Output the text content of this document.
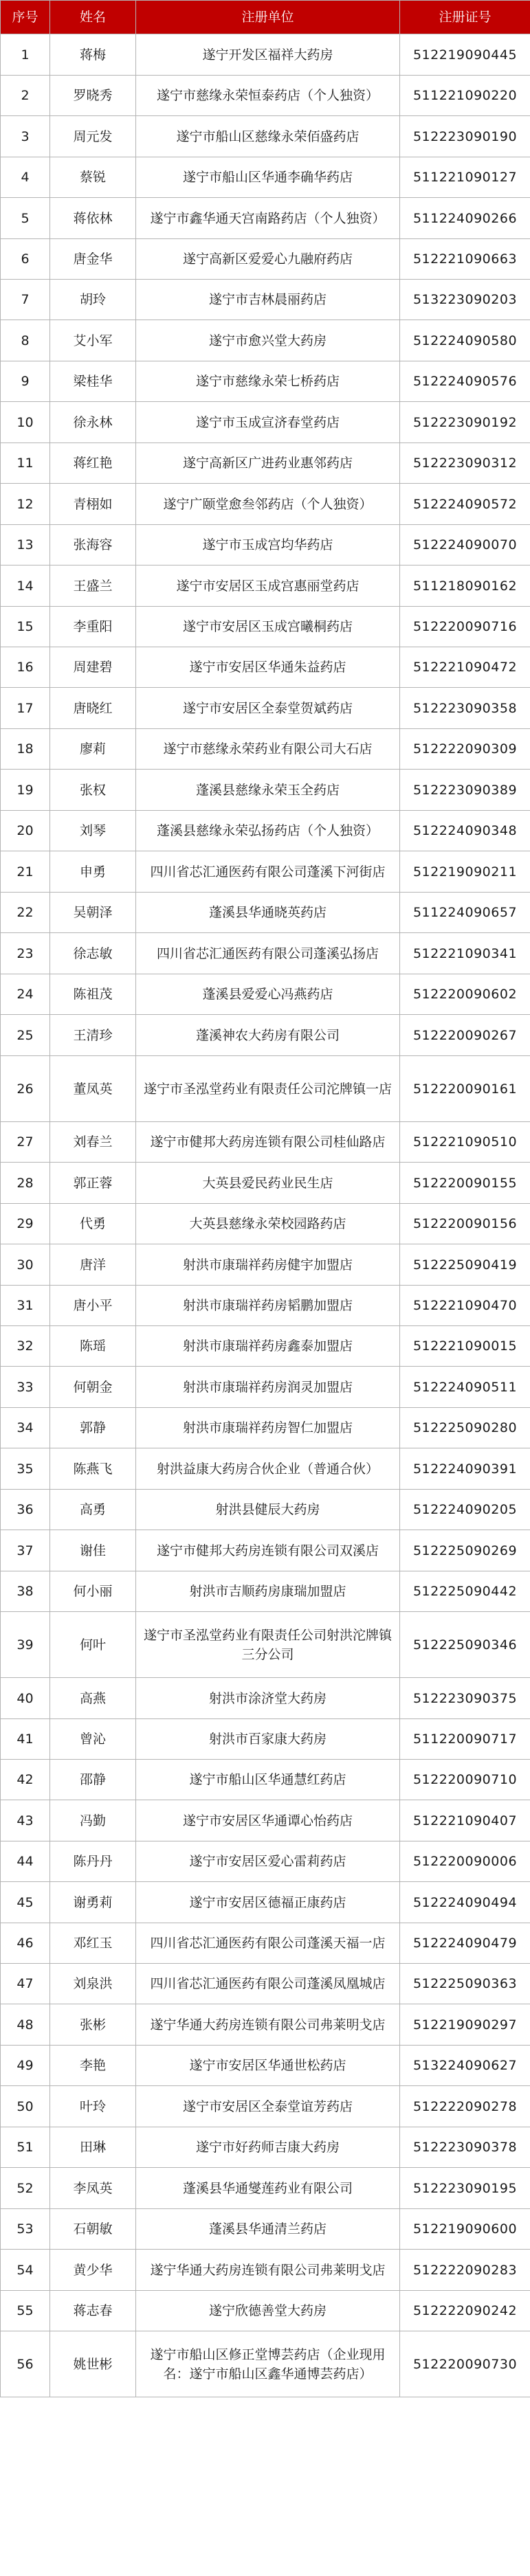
序号	姓名	注册单位	注册证号
1	蒋梅	遂宁开发区福祥大药房	512219090445
2	罗晓秀	遂宁市慈缘永荣恒泰药店（个人独资）	511221090220
3	周元发	遂宁市船山区慈缘永荣佰盛药店	512223090190
4	蔡锐	遂宁市船山区华通李确华药店	511221090127
5	蒋依林	遂宁市鑫华通天宫南路药店（个人独资）	511224090266
6	唐金华	遂宁高新区爱爱心九融府药店	512221090663
7	胡玲	遂宁市吉林晨丽药店	513223090203
8	艾小军	遂宁市愈兴堂大药房	512224090580
9	梁桂华	遂宁市慈缘永荣七桥药店	512224090576
10	徐永林	遂宁市玉成宣济春堂药店	512223090192
11	蒋红艳	遂宁高新区广进药业惠邻药店	512223090312
12	青栩如	遂宁广颐堂愈叁邻药店（个人独资）	512224090572
13	张海容	遂宁市玉成宫均华药店	512224090070
14	王盛兰	遂宁市安居区玉成宫惠丽堂药店	511218090162
15	李重阳	遂宁市安居区玉成宫曦桐药店	512220090716
16	周建碧	遂宁市安居区华通朱益药店	512221090472
17	唐晓红	遂宁市安居区全泰堂贺斌药店	512223090358
18	廖莉	遂宁市慈缘永荣药业有限公司大石店	512222090309
19	张权	蓬溪县慈缘永荣玉全药店	512223090389
20	刘琴	蓬溪县慈缘永荣弘扬药店（个人独资）	512224090348
21	申勇	四川省芯汇通医药有限公司蓬溪下河街店	512219090211
22	吴朝泽	蓬溪县华通晓英药店	511224090657
23	徐志敏	四川省芯汇通医药有限公司蓬溪弘扬店	512221090341
24	陈祖茂	蓬溪县爱爱心冯燕药店	512220090602
25	王清珍	蓬溪神农大药房有限公司	512220090267
26	董凤英	遂宁市圣泓堂药业有限责任公司沱牌镇一店	512220090161
27	刘春兰	遂宁市健邦大药房连锁有限公司桂仙路店	512221090510
28	郭正蓉	大英县爱民药业民生店	512220090155
29	代勇	大英县慈缘永荣校园路药店	512220090156
30	唐洋	射洪市康瑞祥药房健宇加盟店	512225090419
31	唐小平	射洪市康瑞祥药房韬鹏加盟店	512221090470
32	陈瑶	射洪市康瑞祥药房鑫泰加盟店	512221090015
33	何朝金	射洪市康瑞祥药房润灵加盟店	512224090511
34	郭静	射洪市康瑞祥药房智仁加盟店	512225090280
35	陈燕飞	射洪益康大药房合伙企业（普通合伙）	512224090391
36	高勇	射洪县健辰大药房	512224090205
37	谢佳	遂宁市健邦大药房连锁有限公司双溪店	512225090269
38	何小丽	射洪市吉顺药房康瑞加盟店	512225090442
39	何叶	遂宁市圣泓堂药业有限责任公司射洪沱牌镇三分公司	512225090346
40	高燕	射洪市涂济堂大药房	512223090375
41	曾沁	射洪市百家康大药房	511220090717
42	邵静	遂宁市船山区华通慧红药店	512220090710
43	冯勤	遂宁市安居区华通谭心怡药店	512221090407
44	陈丹丹	遂宁市安居区爱心雷莉药店	512220090006
45	谢勇莉	遂宁市安居区德福正康药店	512224090494
46	邓红玉	四川省芯汇通医药有限公司蓬溪天福一店	512224090479
47	刘泉洪	四川省芯汇通医药有限公司蓬溪凤凰城店	512225090363
48	张彬	遂宁华通大药房连锁有限公司弗莱明戈店	512219090297
49	李艳	遂宁市安居区华通世松药店	513224090627
50	叶玲	遂宁市安居区全泰堂谊芳药店	512222090278
51	田琳	遂宁市好药师吉康大药房	512223090378
52	李凤英	蓬溪县华通燮莲药业有限公司	512223090195
53	石朝敏	蓬溪县华通清兰药店	512219090600
54	黄少华	遂宁华通大药房连锁有限公司弗莱明戈店	512222090283
55	蒋志春	遂宁欣德善堂大药房	512222090242
56	姚世彬	遂宁市船山区修正堂博芸药店（企业现用名：遂宁市船山区鑫华通博芸药店）	512220090730
